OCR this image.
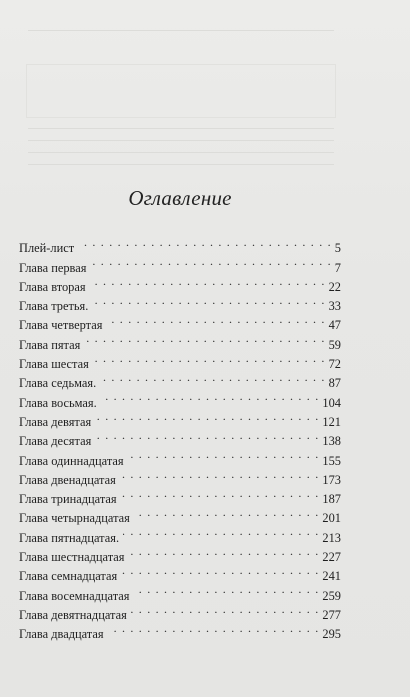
Оглавление
Плей-лист . . .	5
Глава первая . . .	7
Глава вторая . . .	22
Глава третья. . . .	33
Глава четвертая . . .	47
Глава пятая . . .	59
Глава шестая . . .	72
Глава седьмая. . . .	87
Глава восьмая. . . .	104
Глава девятая . . .	121
Глава десятая . . .	138
Глава одиннадцатая . . .	155
Глава двенадцатая . . .	173
Глава тринадцатая . . .	187
Глава четырнадцатая . . .	201
Глава пятнадцатая. . . .	213
Глава шестнадцатая . . .	227
Глава семнадцатая . . .	241
Глава восемнадцатая . . .	259
Глава девятнадцатая . . .	277
Глава двадцатая . . .	295
